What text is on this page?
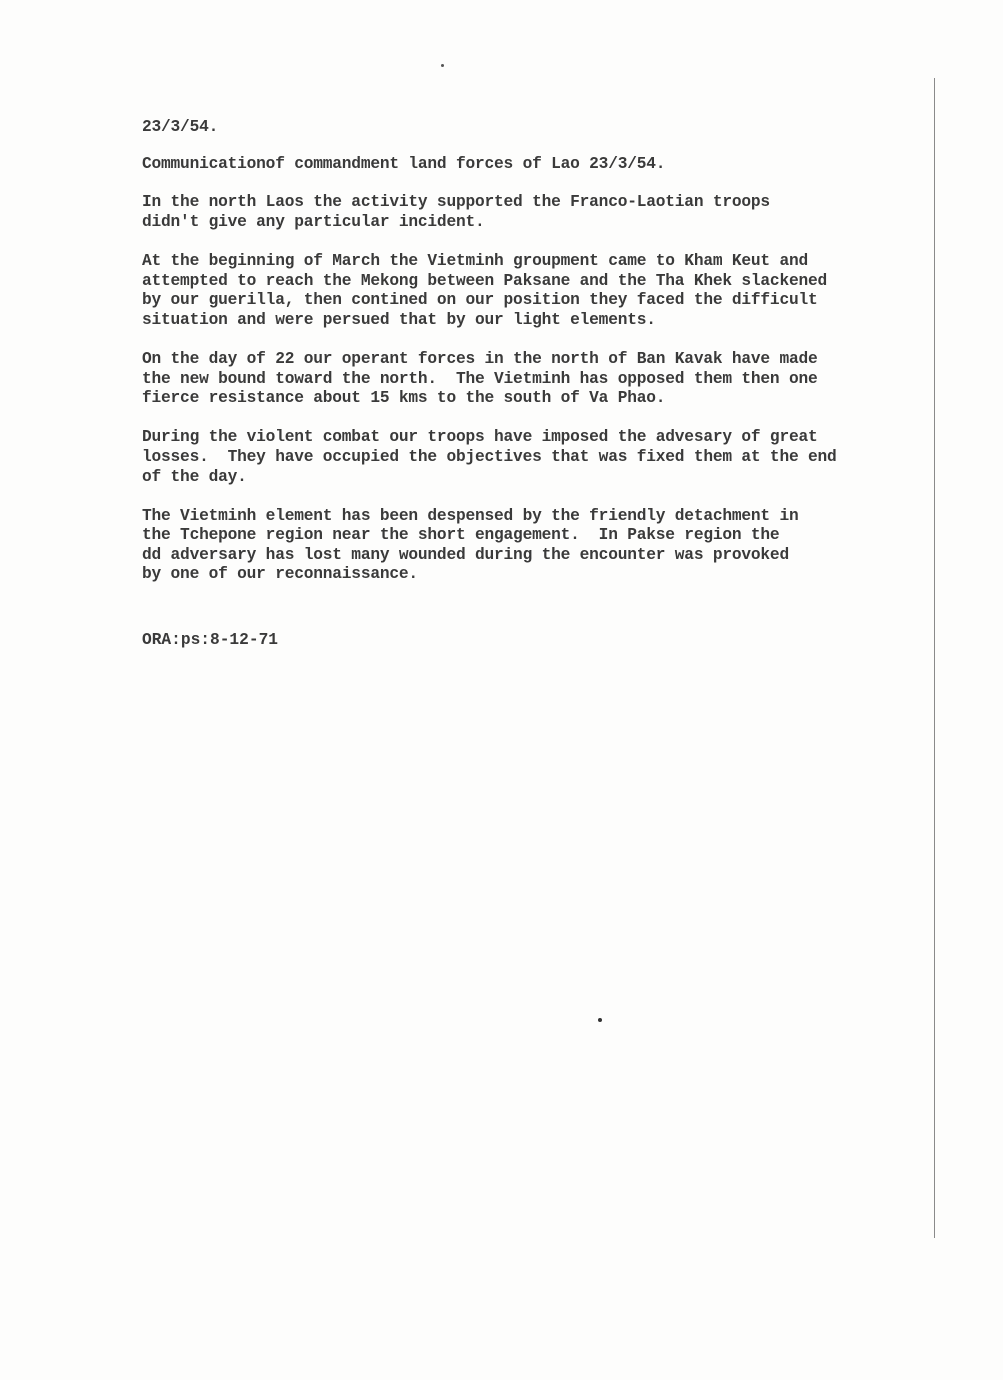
23/3/54.
Communicationof commandment land forces of Lao 23/3/54.
In the north Laos the activity supported the Franco-Laotian troops
didn't give any particular incident.
At the beginning of March the Vietminh groupment came to Kham Keut and
attempted to reach the Mekong between Paksane and the Tha Khek slackened
by our guerilla, then contined on our position they faced the difficult
situation and were persued that by our light elements.
On the day of 22 our operant forces in the north of Ban Kavak have made
the new bound toward the north.  The Vietminh has opposed them then one
fierce resistance about 15 kms to the south of Va Phao.
During the violent combat our troops have imposed the advesary of great
losses.  They have occupied the objectives that was fixed them at the end
of the day.
The Vietminh element has been despensed by the friendly detachment in
the Tchepone region near the short engagement.  In Pakse region the
dd adversary has lost many wounded during the encounter was provoked
by one of our reconnaissance.
ORA:ps:8-12-71
